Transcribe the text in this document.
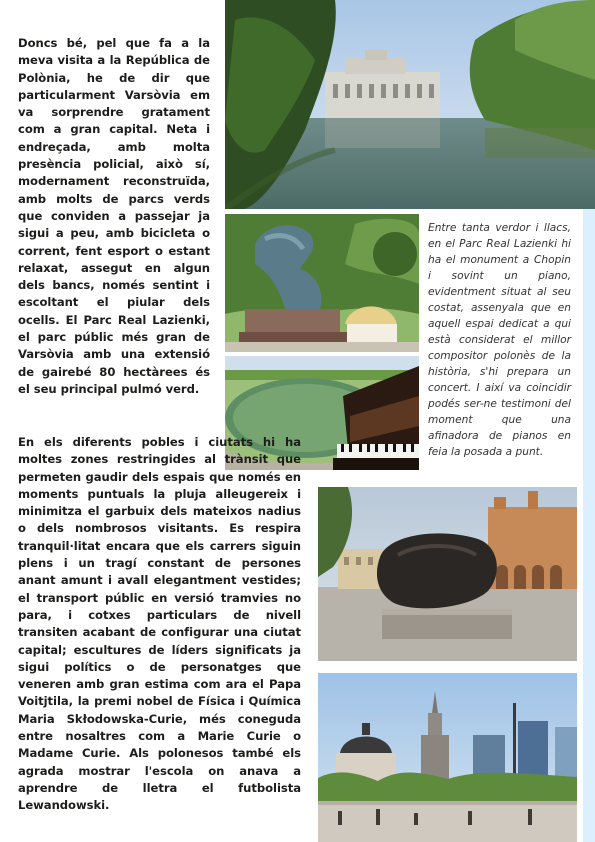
Doncs bé, pel que fa a la meva visita a la República de Polònia, he de dir que particularment Varsòvia em va sorprendre gratament com a gran capital. Neta i endreçada, amb molta presència policial, això sí, modernament reconstruïda, amb molts de parcs verds que conviden a passejar ja sigui a peu, amb bicicleta o corrent, fent esport o estant relaxat, assegut en algun dels bancs, només sentint i escoltant el piular dels ocells. El Parc Real Lazienki, el parc públic més gran de Varsòvia amb una extensió de gairebé 80 hectàrees és el seu principal pulmó verd.

Entre tanta verdor i llacs, en el Parc Real Lazienki hi ha el monument a Chopin i sovint un piano, evidentment situat al seu costat, assenyala que en aquell espai dedicat a qui està considerat el millor compositor polonès de la història, s'hi prepara un concert. I així va coincidir podés ser-ne testimoni del moment que una afinadora de pianos en feia la posada a punt.

En els diferents pobles i ciutats hi ha moltes zones restringides al trànsit que permeten gaudir dels espais que només en moments puntuals la pluja alleugereix i minimitza el garbuix dels mateixos nadius o dels nombrosos visitants. Es respira tranquil·litat encara que els carrers siguin plens i un tragí constant de persones anant amunt i avall elegantment vestides; el transport públic en versió tramvies no para, i cotxes particulars de nivell transiten acabant de configurar una ciutat capital; escultures de líders significats ja sigui polítics o de personatges que veneren amb gran estima com ara el Papa Voitjtila, la premi nobel de Física i Química Maria Skłodowska-Curie, més coneguda entre nosaltres com a Marie Curie o Madame Curie. Als polonesos també els agrada mostrar l'escola on anava a aprendre de lletra el futbolista Lewandowski.
